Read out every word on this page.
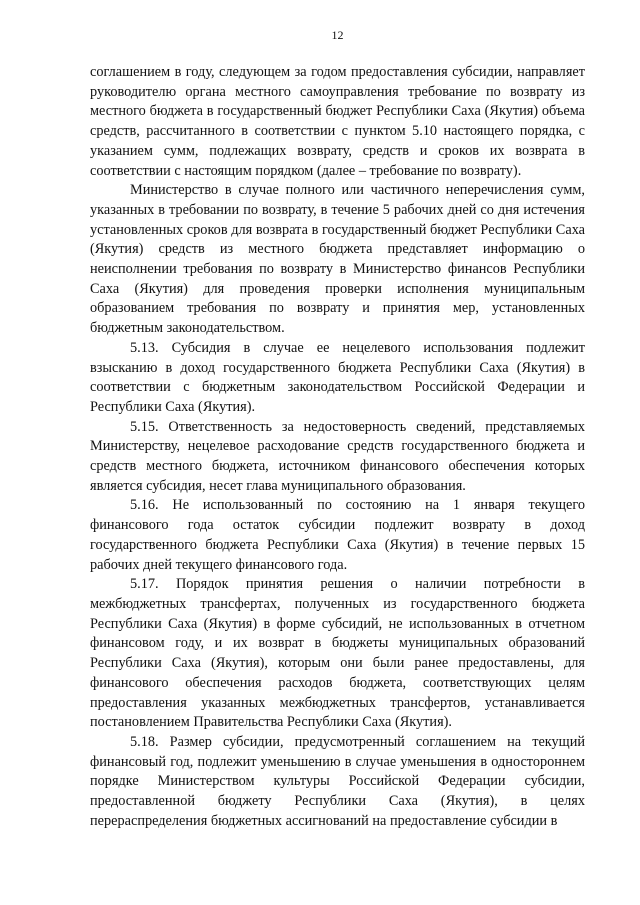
12

соглашением в году, следующем за годом предоставления субсидии, направляет руководителю органа местного самоуправления требование по возврату из местного бюджета в государственный бюджет Республики Саха (Якутия) объема средств, рассчитанного в соответствии с пунктом 5.10 настоящего порядка, с указанием сумм, подлежащих возврату, средств и сроков их возврата в соответствии с настоящим порядком (далее – требование по возврату).

Министерство в случае полного или частичного неперечисления сумм, указанных в требовании по возврату, в течение 5 рабочих дней со дня истечения установленных сроков для возврата в государственный бюджет Республики Саха (Якутия) средств из местного бюджета представляет информацию о неисполнении требования по возврату в Министерство финансов Республики Саха (Якутия) для проведения проверки исполнения муниципальным образованием требования по возврату и принятия мер, установленных бюджетным законодательством.

5.13. Субсидия в случае ее нецелевого использования подлежит взысканию в доход государственного бюджета Республики Саха (Якутия) в соответствии с бюджетным законодательством Российской Федерации и Республики Саха (Якутия).

5.15. Ответственность за недостоверность сведений, представляемых Министерству, нецелевое расходование средств государственного бюджета и средств местного бюджета, источником финансового обеспечения которых является субсидия, несет глава муниципального образования.

5.16. Не использованный по состоянию на 1 января текущего финансового года остаток субсидии подлежит возврату в доход государственного бюджета Республики Саха (Якутия) в течение первых 15 рабочих дней текущего финансового года.

5.17. Порядок принятия решения о наличии потребности в межбюджетных трансфертах, полученных из государственного бюджета Республики Саха (Якутия) в форме субсидий, не использованных в отчетном финансовом году, и их возврат в бюджеты муниципальных образований Республики Саха (Якутия), которым они были ранее предоставлены, для финансового обеспечения расходов бюджета, соответствующих целям предоставления указанных межбюджетных трансфертов, устанавливается постановлением Правительства Республики Саха (Якутия).

5.18. Размер субсидии, предусмотренный соглашением на текущий финансовый год, подлежит уменьшению в случае уменьшения в одностороннем порядке Министерством культуры Российской Федерации субсидии, предоставленной бюджету Республики Саха (Якутия), в целях перераспределения бюджетных ассигнований на предоставление субсидии в
